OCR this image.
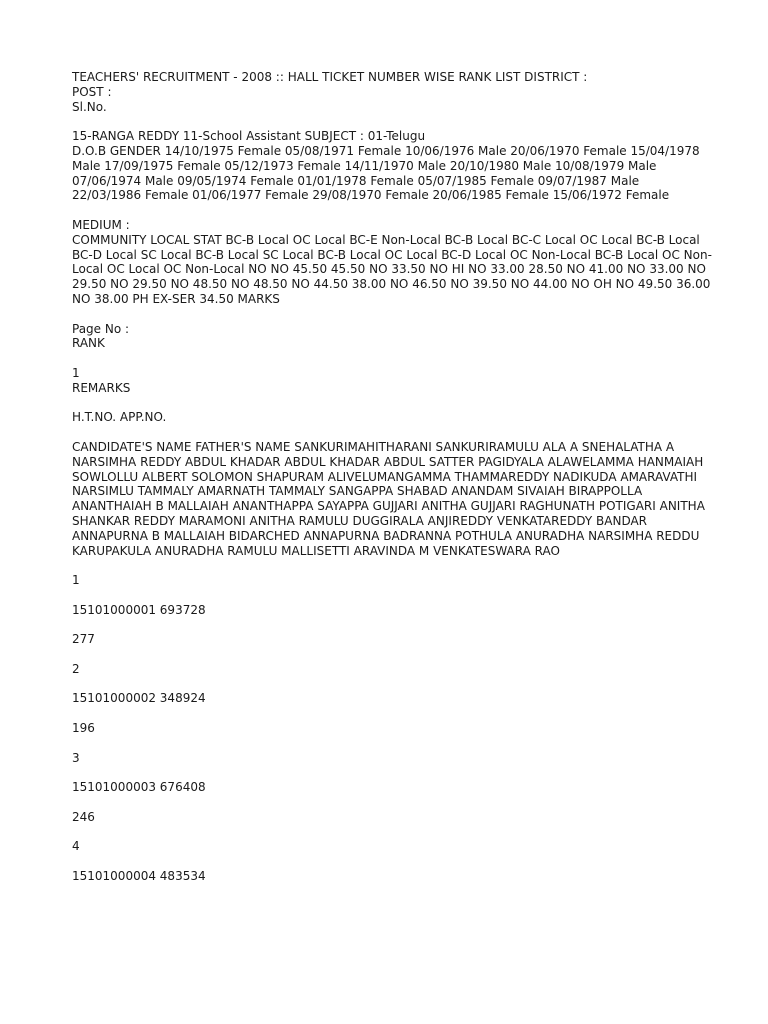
TEACHERS' RECRUITMENT - 2008 :: HALL TICKET NUMBER WISE RANK LIST DISTRICT :
POST :
Sl.No.

15-RANGA REDDY 11-School Assistant SUBJECT : 01-Telugu
D.O.B GENDER 14/10/1975 Female 05/08/1971 Female 10/06/1976 Male 20/06/1970 Female 15/04/1978 Male 17/09/1975 Female 05/12/1973 Female 14/11/1970 Male 20/10/1980 Male 10/08/1979 Male 07/06/1974 Male 09/05/1974 Female 01/01/1978 Female 05/07/1985 Female 09/07/1987 Male 22/03/1986 Female 01/06/1977 Female 29/08/1970 Female 20/06/1985 Female 15/06/1972 Female

MEDIUM :
COMMUNITY LOCAL STAT BC-B Local OC Local BC-E Non-Local BC-B Local BC-C Local OC Local BC-B Local BC-D Local SC Local BC-B Local SC Local BC-B Local OC Local BC-D Local OC Non-Local BC-B Local OC Non-Local OC Local OC Non-Local NO NO 45.50 45.50 NO 33.50 NO HI NO 33.00 28.50 NO 41.00 NO 33.00 NO 29.50 NO 29.50 NO 48.50 NO 48.50 NO 44.50 38.00 NO 46.50 NO 39.50 NO 44.00 NO OH NO 49.50 36.00 NO 38.00 PH EX-SER 34.50 MARKS

Page No :
RANK

1
REMARKS

H.T.NO. APP.NO.

CANDIDATE'S NAME FATHER'S NAME SANKURIMAHITHARANI SANKURIRAMULU ALA A SNEHALATHA A NARSIMHA REDDY ABDUL KHADAR ABDUL KHADAR ABDUL SATTER PAGIDYALA ALAWELAMMA HANMAIAH SOWLOLLU ALBERT SOLOMON SHAPURAM ALIVELUMANGAMMA THAMMAREDDY NADIKUDA AMARAVATHI NARSIMLU TAMMALY AMARNATH TAMMALY SANGAPPA SHABAD ANANDAM SIVAIAH BIRAPPOLLA ANANTHAIAH B MALLAIAH ANANTHAPPA SAYAPPA GUJJARI ANITHA GUJJARI RAGHUNATH POTIGARI ANITHA SHANKAR REDDY MARAMONI ANITHA RAMULU DUGGIRALA ANJIREDDY VENKATAREDDY BANDAR ANNAPURNA B MALLAIAH BIDARCHED ANNAPURNA BADRANNA POTHULA ANURADHA NARSIMHA REDDU KARUPAKULA ANURADHA RAMULU MALLISETTI ARAVINDA M VENKATESWARA RAO

1

15101000001 693728

277

2

15101000002 348924

196

3

15101000003 676408

246

4

15101000004 483534
